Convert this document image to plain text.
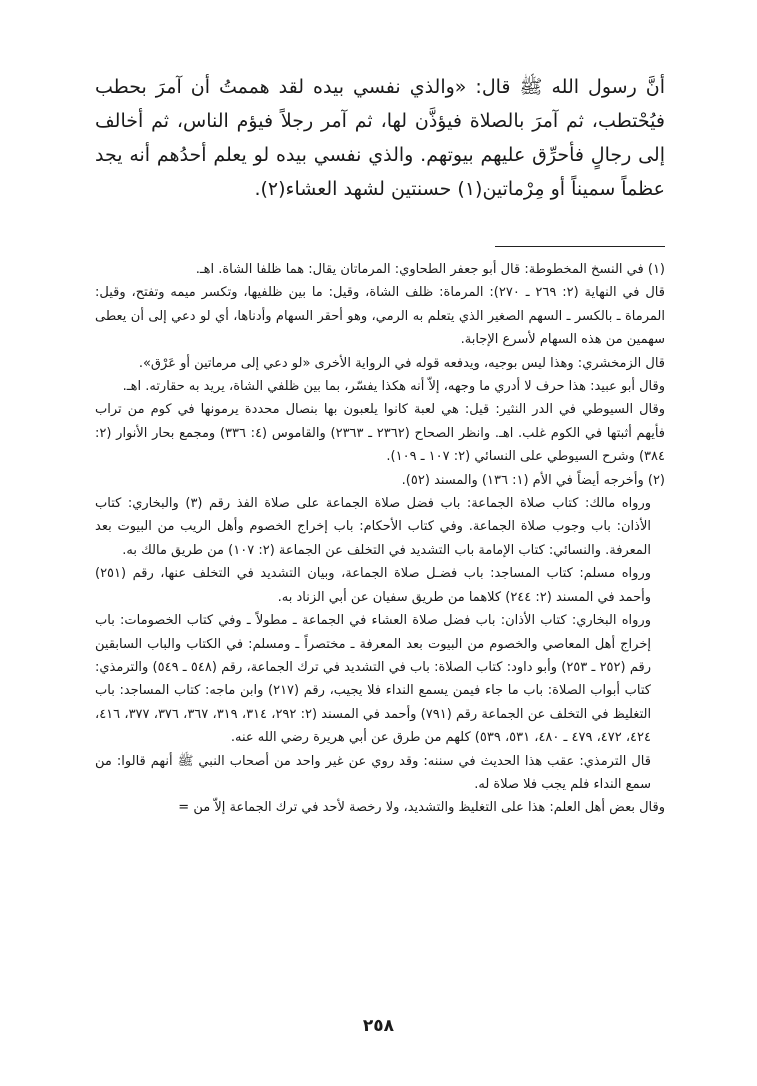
أنَّ رسول الله ﷺ قال: «والذي نفسي بيده لقد هممتُ أن آمرَ بحطب فيُحْتطب، ثم آمرَ بالصلاة فيؤذَّن لها، ثم آمر رجلاً فيؤم الناس، ثم أخالف إلى رجالٍ فأحرِّق عليهم بيوتهم. والذي نفسي بيده لو يعلم أحدُهم أنه يجد عظماً سميناً أو مِرْماتين(١) حسنتين لشهد العشاء(٢).

(١) في النسخ المخطوطة: قال أبو جعفر الطحاوي: المرماتان يقال: هما ظلفا الشاة. اهـ.

قال في النهاية (٢: ٢٦٩ ـ ٢٧٠): المرماة: ظلف الشاة، وقيل: ما بين ظلفيها، وتكسر ميمه وتفتح، وقيل: المرماة ـ بالكسر ـ السهم الصغير الذي يتعلم به الرمي، وهو أحقر السهام وأدناها، أي لو دعي إلى أن يعطى سهمين من هذه السهام لأسرع الإجابة.

قال الزمخشري: وهذا ليس بوجيه، ويدفعه قوله في الرواية الأخرى «لو دعي إلى مرماتين أو عَرْق».

وقال أبو عبيد: هذا حرف لا أدري ما وجهه، إلاّ أنه هكذا يفسّر، بما بين ظلفي الشاة، يريد به حقارته. اهـ.

وقال السيوطي في الدر النثير: قيل: هي لعبة كانوا يلعبون بها بنصال محددة يرمونها في كوم من تراب فأيهم أثبتها في الكوم غلب. اهـ. وانظر الصحاح (٢٣٦٢ ـ ٢٣٦٣) والقاموس (٤: ٣٣٦) ومجمع بحار الأنوار (٢: ٣٨٤) وشرح السيوطي على النسائي (٢: ١٠٧ ـ ١٠٩).

(٢) وأخرجه أيضاً في الأم (١: ١٣٦) والمسند (٥٢).

ورواه مالك: كتاب صلاة الجماعة: باب فضل صلاة الجماعة على صلاة الفذ رقم (٣) والبخاري: كتاب الأذان: باب وجوب صلاة الجماعة. وفي كتاب الأحكام: باب إخراج الخصوم وأهل الريب من البيوت بعد المعرفة. والنسائي: كتاب الإمامة باب التشديد في التخلف عن الجماعة (٢: ١٠٧) من طريق مالك به.

ورواه مسلم: كتاب المساجد: باب فضـل صلاة الجماعة، وبيان التشديد في التخلف عنها، رقم (٢٥١) وأحمد في المسند (٢: ٢٤٤) كلاهما من طريق سفيان عن أبي الزناد به.

ورواه البخاري: كتاب الأذان: باب فضل صلاة العشاء في الجماعة ـ مطولاً ـ وفي كتاب الخصومات: باب إخراج أهل المعاصي والخصوم من البيوت بعد المعرفة ـ مختصراً ـ ومسلم: في الكتاب والباب السابقين رقم (٢٥٢ ـ ٢٥٣) وأبو داود: كتاب الصلاة: باب في التشديد في ترك الجماعة، رقم (٥٤٨ ـ ٥٤٩) والترمذي: كتاب أبواب الصلاة: باب ما جاء فيمن يسمع النداء فلا يجيب، رقم (٢١٧) وابن ماجه: كتاب المساجد: باب التغليظ في التخلف عن الجماعة رقم (٧٩١) وأحمد في المسند (٢: ٢٩٢، ٣١٤، ٣١٩، ٣٦٧، ٣٧٦، ٣٧٧، ٤١٦، ٤٢٤، ٤٧٢، ٤٧٩ ـ ٤٨٠، ٥٣١، ٥٣٩) كلهم من طرق عن أبي هريرة رضي الله عنه.

قال الترمذي: عقب هذا الحديث في سننه: وقد روي عن غير واحد من أصحاب النبي ﷺ أنهم قالوا: من سمع النداء فلم يجب فلا صلاة له.

وقال بعض أهل العلم: هذا على التغليظ والتشديد، ولا رخصة لأحد في ترك الجماعة إلاّ من =

٢٥٨
